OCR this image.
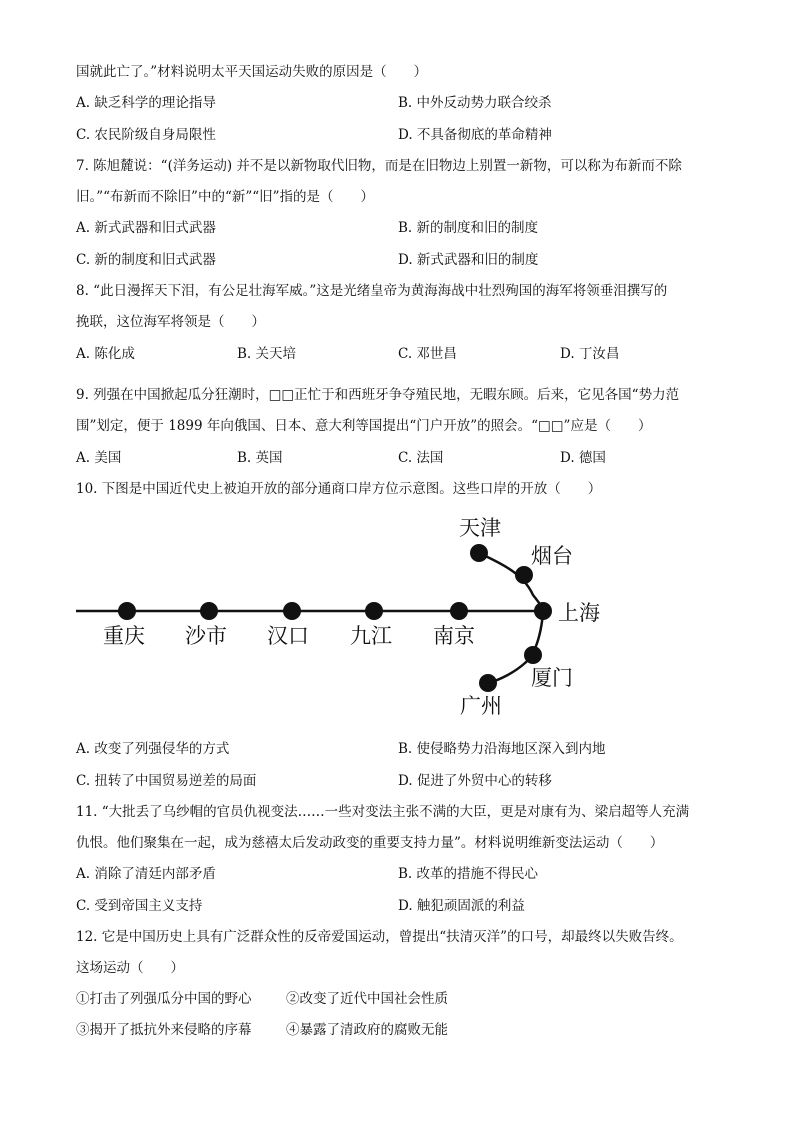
国就此亡了。”材料说明太平天国运动失败的原因是（　　）
A. 缺乏科学的理论指导	B. 中外反动势力联合绞杀
C. 农民阶级自身局限性	D. 不具备彻底的革命精神
7. 陈旭麓说：“(洋务运动) 并不是以新物取代旧物，而是在旧物边上别置一新物，可以称为布新而不除
旧。”“布新而不除旧”中的“新”“旧”指的是（　　）
A. 新式武器和旧式武器	B. 新的制度和旧的制度
C. 新的制度和旧式武器	D. 新式武器和旧的制度
8. “此日漫挥天下泪，有公足壮海军威。”这是光绪皇帝为黄海海战中壮烈殉国的海军将领垂泪撰写的
挽联，这位海军将领是（　　）
A. 陈化成	B. 关天培	C. 邓世昌	D. 丁汝昌
9. 列强在中国掀起瓜分狂潮时，□□正忙于和西班牙争夺殖民地，无暇东顾。后来，它见各国“势力范
围”划定，便于 1899 年向俄国、日本、意大利等国提出“门户开放”的照会。“□□”应是（　　）
A. 美国	B. 英国	C. 法国	D. 德国
10. 下图是中国近代史上被迫开放的部分通商口岸方位示意图。这些口岸的开放（　　）
重庆 沙市 汉口 九江 南京
天津
烟台
上海
厦门
广州
A. 改变了列强侵华的方式	B. 使侵略势力沿海地区深入到内地
C. 扭转了中国贸易逆差的局面	D. 促进了外贸中心的转移
11. “大批丢了乌纱帽的官员仇视变法……一些对变法主张不满的大臣，更是对康有为、梁启超等人充满
仇恨。他们聚集在一起，成为慈禧太后发动政变的重要支持力量”。材料说明维新变法运动（　　）
A. 消除了清廷内部矛盾	B. 改革的措施不得民心
C. 受到帝国主义支持	D. 触犯顽固派的利益
12. 它是中国历史上具有广泛群众性的反帝爱国运动，曾提出“扶清灭洋”的口号，却最终以失败告终。
这场运动（　　）
①打击了列强瓜分中国的野心	②改变了近代中国社会性质
③揭开了抵抗外来侵略的序幕	④暴露了清政府的腐败无能
